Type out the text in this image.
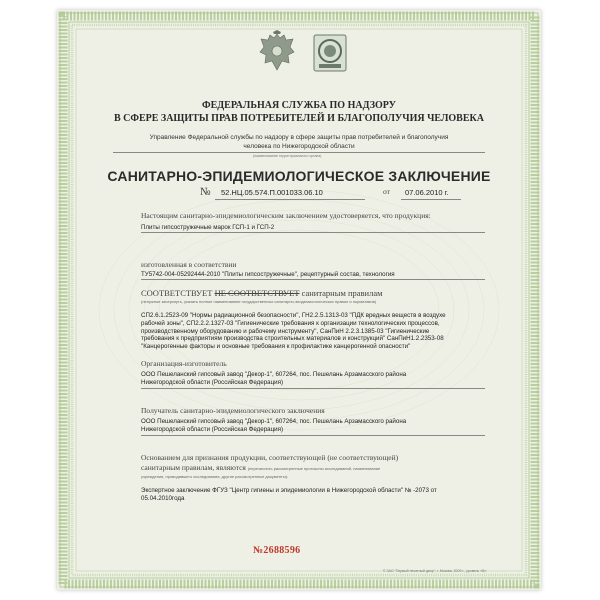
ФЕДЕРАЛЬНАЯ СЛУЖБА ПО НАДЗОРУ
В СФЕРЕ ЗАЩИТЫ ПРАВ ПОТРЕБИТЕЛЕЙ И БЛАГОПОЛУЧИЯ ЧЕЛОВЕКА
Управление Федеральной службы по надзору в сфере защиты прав потребителей и благополучия
человека по Нижегородской области
(наименование территориального органа)
САНИТАРНО-ЭПИДЕМИОЛОГИЧЕСКОЕ ЗАКЛЮЧЕНИЕ
№ 52.НЦ.05.574.П.001033.06.10	от 07.06.2010 г.
Настоящим санитарно-эпидемиологическим заключением удостоверяется, что продукция:
Плиты гипсостружечные марок ГСП-1 и ГСП-2
изготовленная в соответствии
ТУ5742-004-05292444-2010 "Плиты гипсостружечные", рецептурный состав, технология
СООТВЕТСТВУЕТ НЕ СООТВЕТСТВУЕТ санитарным правилам
(ненужное зачеркнуть, указать полное наименование государственных санитарно-эпидемиологических правил и нормативов)
СП2.6.1.2523-09 "Нормы радиационной безопасности", ГН2.2.5.1313-03 "ПДК вредных веществ в воздухе
рабочей зоны", СП2.2.2.1327-03 "Гигиенические требования к организации технологических процессов,
производственному оборудованию и рабочему инструменту", СанПиН 2.2.3.1385-03 "Гигиенические
требования к предприятиям производства строительных материалов и конструкций" СанПиН1.2.2353-08
"Канцерогенные факторы и основные требования к профилактике канцерогенной опасности"
Организация-изготовитель
ООО Пешеланский гипсовый завод "Декор-1", 607264, пос. Пешелань Арзамасского района
Нижегородской области (Российская Федерация)
Получатель санитарно-эпидемиологического заключения
ООО Пешеланский гипсовый завод "Декор-1", 607264, пос. Пешелань Арзамасского района
Нижегородской области (Российская Федерация)
Основанием для признания продукции, соответствующей (не соответствующей)
санитарным правилам, являются (перечислить рассмотренные протоколы исследований, наименование
учреждения, проводившего исследования, другие рассмотренные документы):
Экспертное заключение ФГУЗ "Центр гигиены и эпидемиологии в Нижегородской области" № -2073 от
05.04.2010года
№2688596
© ЗАО "Первый печатный двор", г. Москва, 2009 г., уровень «В»
